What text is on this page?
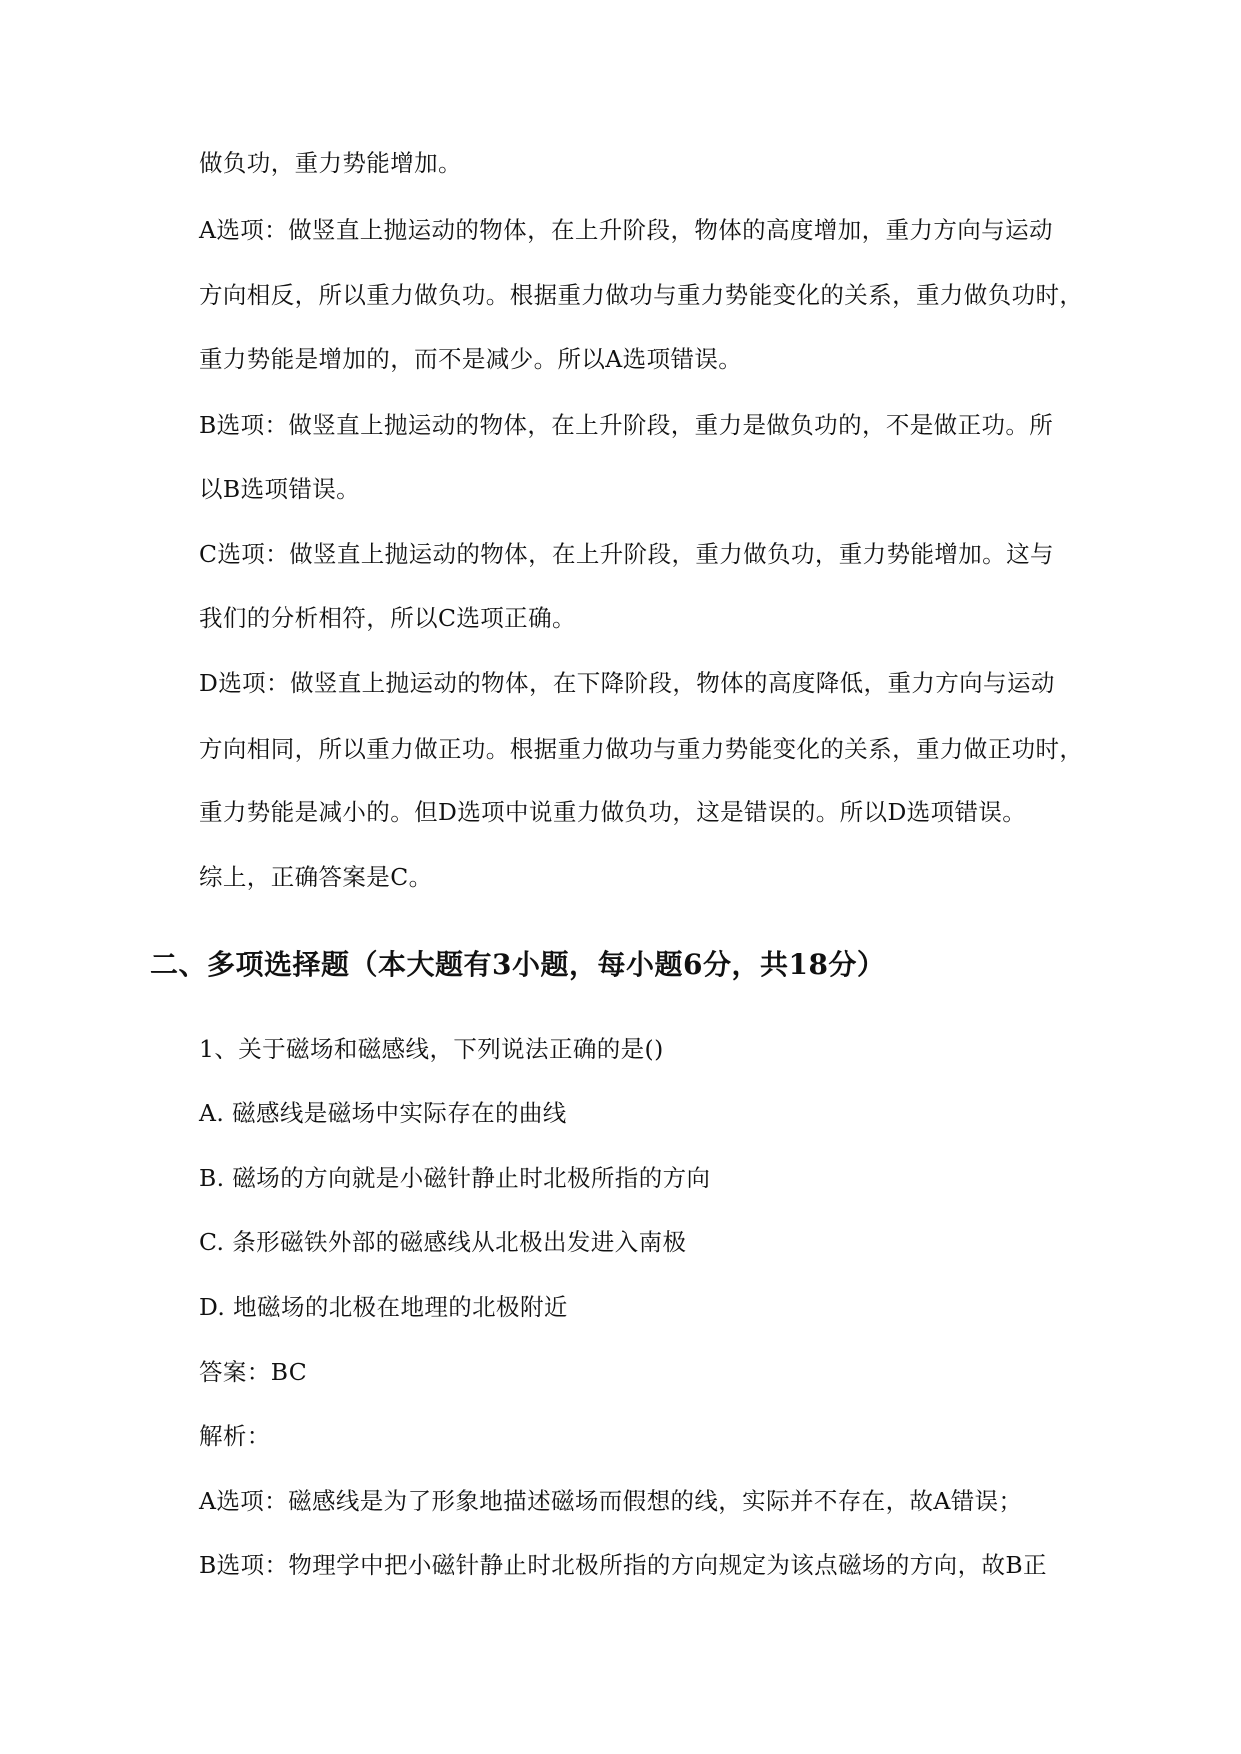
做负功，重力势能增加。
A选项：做竖直上抛运动的物体，在上升阶段，物体的高度增加，重力方向与运动
方向相反，所以重力做负功。根据重力做功与重力势能变化的关系，重力做负功时，
重力势能是增加的，而不是减少。所以A选项错误。
B选项：做竖直上抛运动的物体，在上升阶段，重力是做负功的，不是做正功。所
以B选项错误。
C选项：做竖直上抛运动的物体，在上升阶段，重力做负功，重力势能增加。这与
我们的分析相符，所以C选项正确。
D选项：做竖直上抛运动的物体，在下降阶段，物体的高度降低，重力方向与运动
方向相同，所以重力做正功。根据重力做功与重力势能变化的关系，重力做正功时，
重力势能是减小的。但D选项中说重力做负功，这是错误的。所以D选项错误。
综上，正确答案是C。
二、多项选择题（本大题有3小题，每小题6分，共18分）
1、关于磁场和磁感线，下列说法正确的是()
A. 磁感线是磁场中实际存在的曲线
B. 磁场的方向就是小磁针静止时北极所指的方向
C. 条形磁铁外部的磁感线从北极出发进入南极
D. 地磁场的北极在地理的北极附近
答案：BC
解析：
A选项：磁感线是为了形象地描述磁场而假想的线，实际并不存在，故A错误；
B选项：物理学中把小磁针静止时北极所指的方向规定为该点磁场的方向，故B正
